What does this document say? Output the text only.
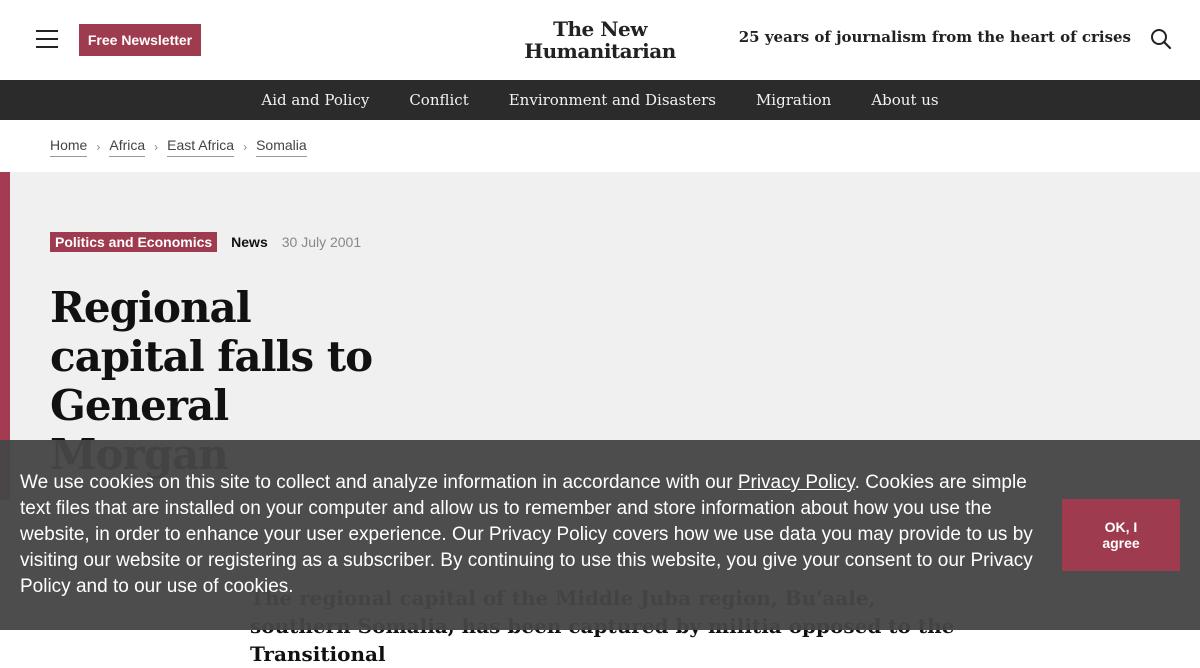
Free Newsletter	The New
Humanitarian
25 years of journalism from the heart of crises
Aid and Policy	Conflict	Environment and Disasters	Migration	About us
Home › Africa › East Africa › Somalia
Politics and Economics	News 30 July 2001
Regional capital falls to General

Transitional

We use cookies on this site to collect and analyze information in accordance with our Privacy Policy. Cookies are simple text files that are installed on your computer and allow us to remember and store information about how you use the website, in order to enhance your user experience. Our Privacy Policy covers how we use data you may provide to us by visiting our website or registering as a subscriber. By continuing to use this website, you give your consent to our Privacy Policy and to our use of cookies.

OK, I agree
